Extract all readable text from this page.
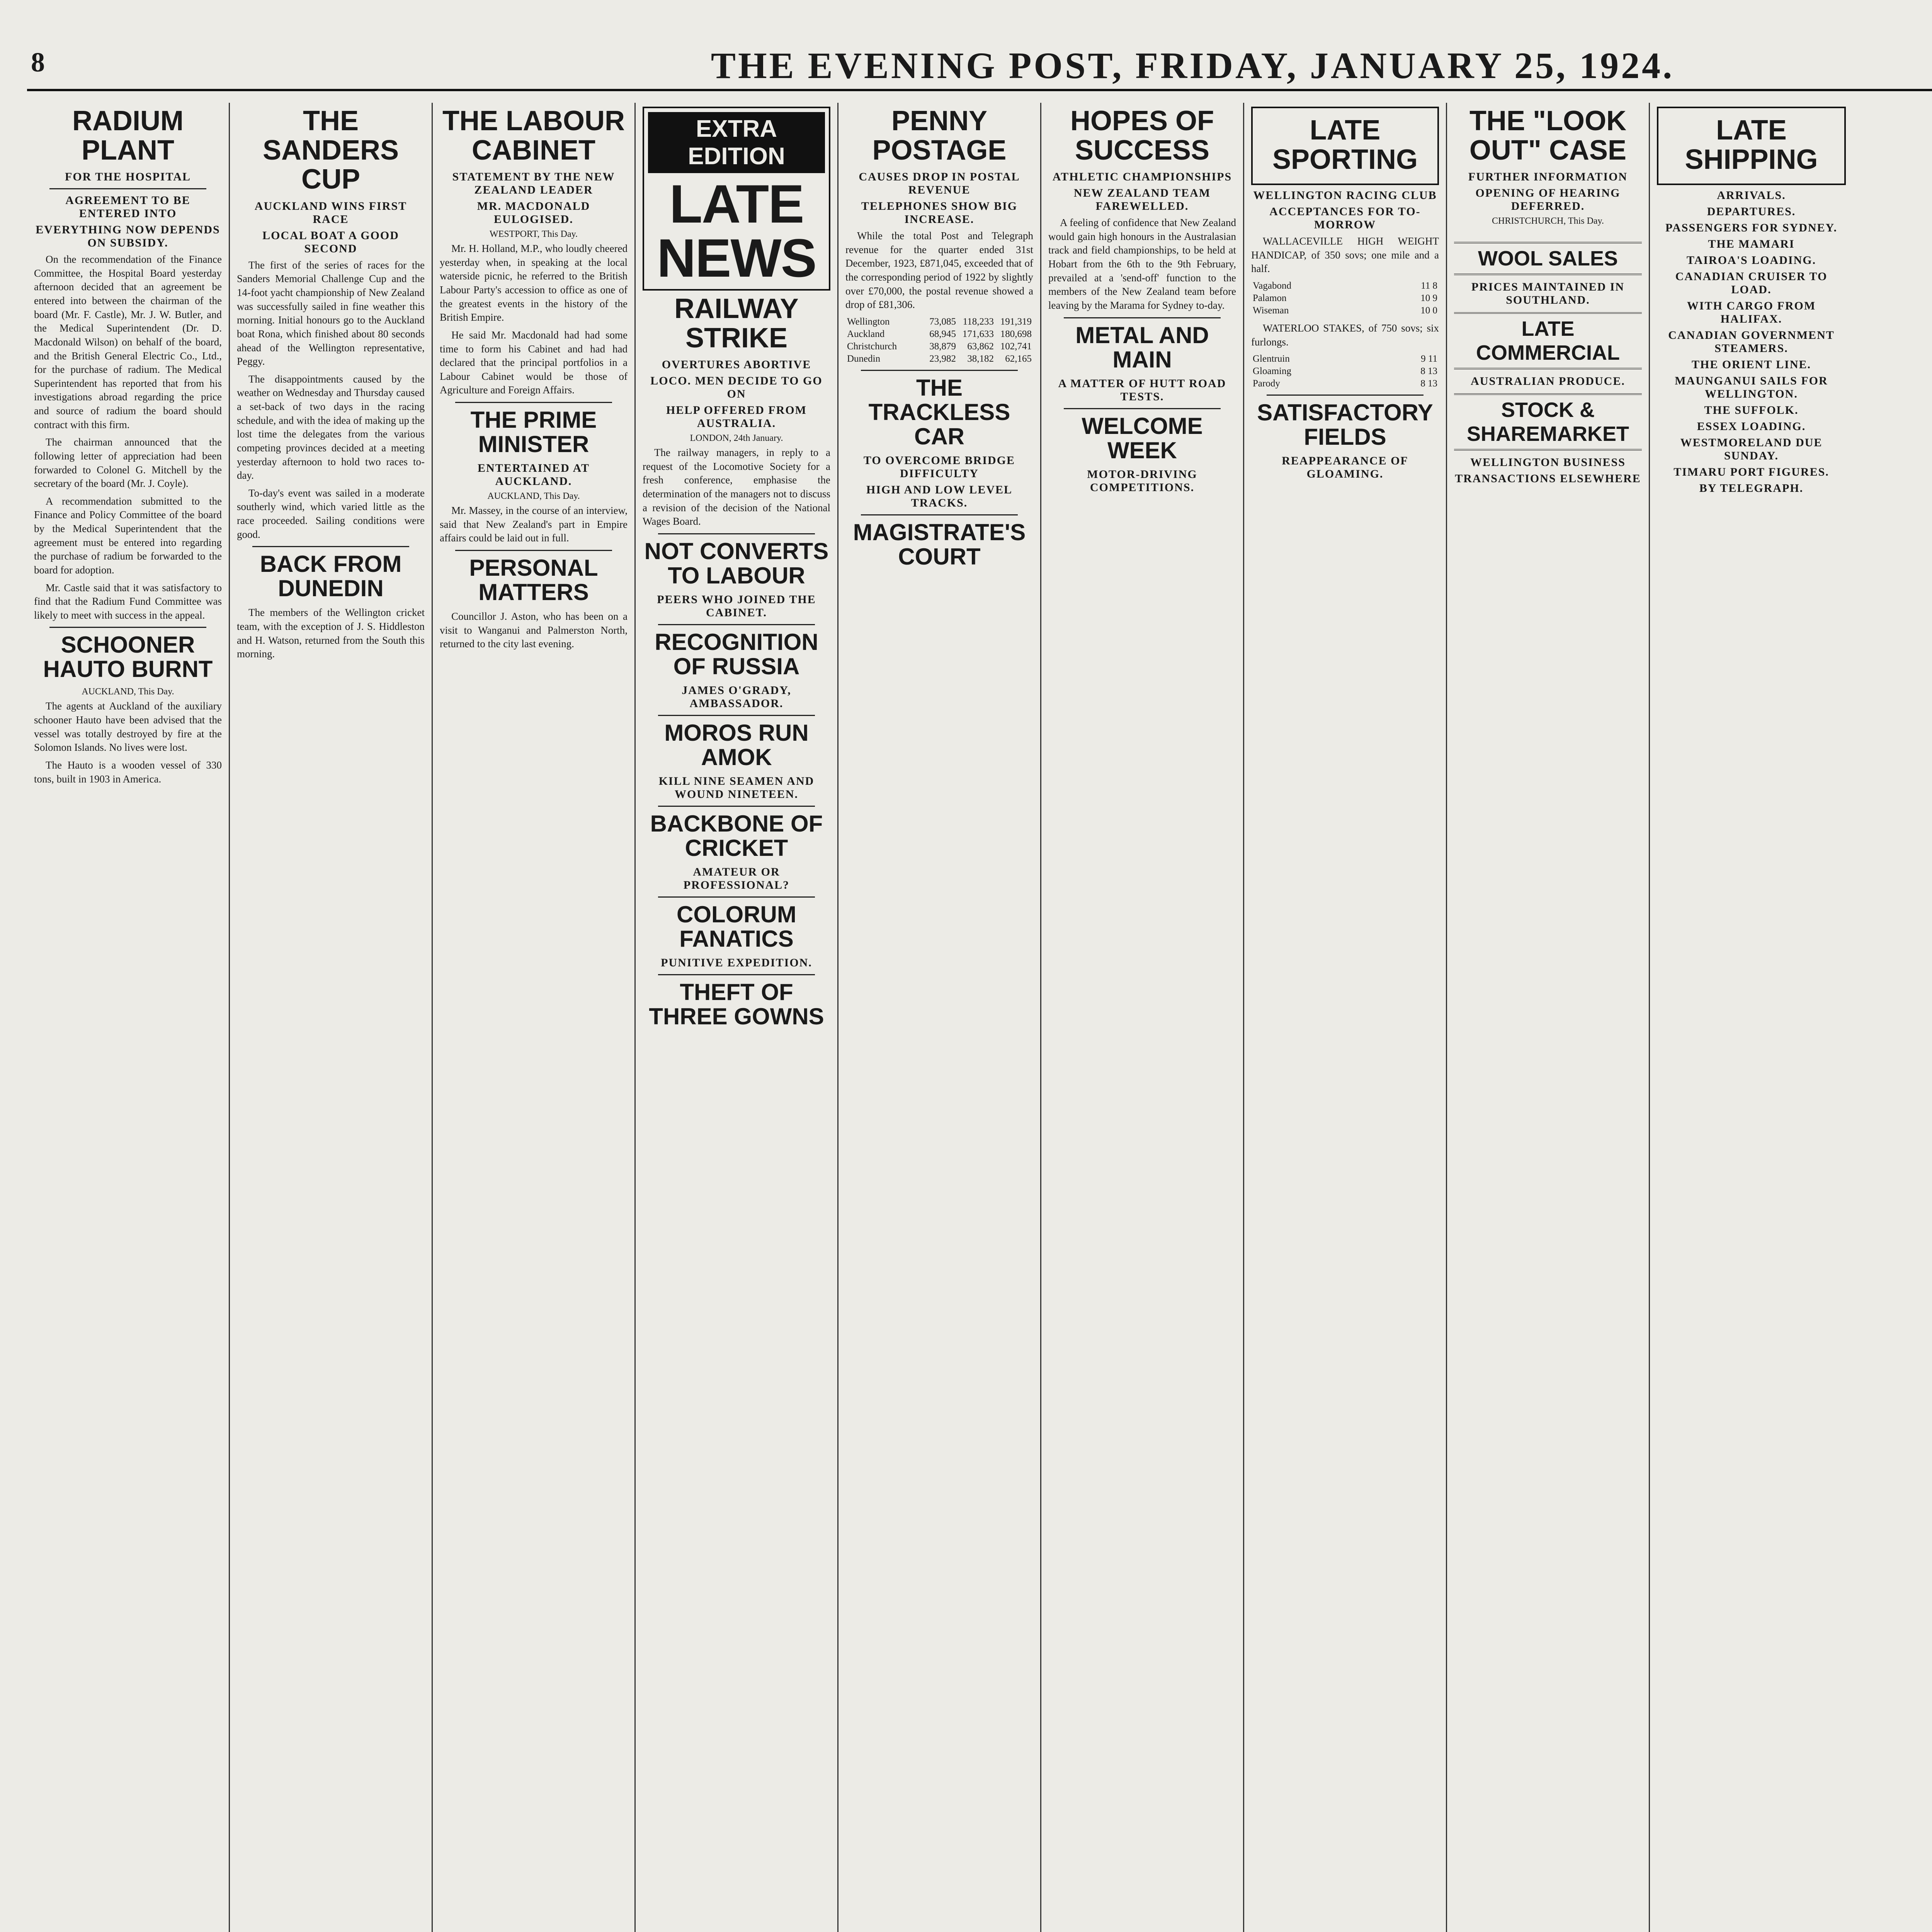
8	THE EVENING POST, FRIDAY, JANUARY 25, 1924.
RADIUM PLANT
FOR THE HOSPITAL
AGREEMENT TO BE ENTERED INTO
EVERYTHING NOW DEPENDS ON SUBSIDY.

On the recommendation of the Finance Committee, the Hospital Board yesterday afternoon decided that an agreement be entered into between the chairman of the board (Mr. F. Castle), Mr. J. W. Butler, and the Medical Superintendent (Dr. D. Macdonald Wilson) on behalf of the board, and the British General Electric Co., Ltd., for the purchase of radium. The Medical Superintendent has reported that from his investigations abroad regarding the price and source of radium the board should contract with this firm.

The chairman announced that the following letter of appreciation had been forwarded to Colonel G. Mitchell by the secretary of the board (Mr. J. Coyle).

A recommendation submitted to the Finance and Policy Committee of the board by the Medical Superintendent that the agreement must be entered into regarding the purchase of radium be forwarded to the board for adoption.

Mr. Castle said that it was satisfactory to find that the Radium Fund Committee was likely to meet with success in the appeal.

SCHOONER HAUTO BURNT
AUCKLAND, This Day.

The agents at Auckland of the auxiliary schooner Hauto have been advised that the vessel was totally destroyed by fire at the Solomon Islands. No lives were lost.

The Hauto is a wooden vessel of 330 tons, built in 1903 in America.

THE SANDERS CUP
AUCKLAND WINS FIRST RACE
LOCAL BOAT A GOOD SECOND

The first of the series of races for the Sanders Memorial Challenge Cup and the 14-foot yacht championship of New Zealand was successfully sailed in fine weather this morning. Initial honours go to the Auckland boat Rona, which finished about 80 seconds ahead of the Wellington representative, Peggy.

The disappointments caused by the weather on Wednesday and Thursday caused a set-back of two days in the racing schedule, and with the idea of making up the lost time the delegates from the various competing provinces decided at a meeting yesterday afternoon to hold two races to-day.

To-day's event was sailed in a moderate southerly wind, which varied little as the race proceeded. Sailing conditions were good.

BACK FROM DUNEDIN

The members of the Wellington cricket team, with the exception of J. S. Hiddleston and H. Watson, returned from the South this morning.

THE LABOUR CABINET
STATEMENT BY THE NEW ZEALAND LEADER
MR. MACDONALD EULOGISED.
WESTPORT, This Day.

Mr. H. Holland, M.P., who loudly cheered yesterday when, in speaking at the local waterside picnic, he referred to the British Labour Party's accession to office as one of the greatest events in the history of the British Empire.

He said Mr. Macdonald had had some time to form his Cabinet and had had declared that the principal portfolios in a Labour Cabinet would be those of Agriculture and Foreign Affairs.

THE PRIME MINISTER
ENTERTAINED AT AUCKLAND.
AUCKLAND, This Day.

Mr. Massey, in the course of an interview, said that New Zealand's part in Empire affairs could be laid out in full.

PERSONAL MATTERS

Councillor J. Aston, who has been on a visit to Wanganui and Palmerston North, returned to the city last evening.

EXTRA EDITION
LATE NEWS
RAILWAY STRIKE
OVERTURES ABORTIVE
LOCO. MEN DECIDE TO GO ON
HELP OFFERED FROM AUSTRALIA.
LONDON, 24th January.

The railway managers, in reply to a request of the Locomotive Society for a fresh conference, emphasise the determination of the managers not to discuss a revision of the decision of the National Wages Board.

NOT CONVERTS TO LABOUR
PEERS WHO JOINED THE CABINET.
RECOGNITION OF RUSSIA
JAMES O'GRADY, AMBASSADOR.
MOROS RUN AMOK
KILL NINE SEAMEN AND WOUND NINETEEN.
BACKBONE OF CRICKET
AMATEUR OR PROFESSIONAL?
COLORUM FANATICS
PUNITIVE EXPEDITION.
THEFT OF THREE GOWNS
PENNY POSTAGE
CAUSES DROP IN POSTAL REVENUE
TELEPHONES SHOW BIG INCREASE.

While the total Post and Telegraph revenue for the quarter ended 31st December, 1923, £871,045, exceeded that of the corresponding period of 1922 by slightly over £70,000, the postal revenue showed a drop of £81,306.

Wellington	73,085	118,233	191,319
Auckland	68,945	171,633	180,698
Christchurch	38,879	63,862	102,741
Dunedin	23,982	38,182	62,165
THE TRACKLESS CAR
TO OVERCOME BRIDGE DIFFICULTY
HIGH AND LOW LEVEL TRACKS.
MAGISTRATE'S COURT
HOPES OF SUCCESS
ATHLETIC CHAMPIONSHIPS
NEW ZEALAND TEAM FAREWELLED.

A feeling of confidence that New Zealand would gain high honours in the Australasian track and field championships, to be held at Hobart from the 6th to the 9th February, prevailed at a 'send-off' function to the members of the New Zealand team before leaving by the Marama for Sydney to-day.

METAL AND MAIN
A MATTER OF HUTT ROAD TESTS.
WELCOME WEEK
MOTOR-DRIVING COMPETITIONS.
LATE SPORTING
WELLINGTON RACING CLUB
ACCEPTANCES FOR TO-MORROW

WALLACEVILLE HIGH WEIGHT HANDICAP, of 350 sovs; one mile and a half.

Vagabond	11 8
Palamon	10 9
Wiseman	10 0

WATERLOO STAKES, of 750 sovs; six furlongs.

Glentruin	9 11
Gloaming	8 13
Parody	8 13
SATISFACTORY FIELDS
REAPPEARANCE OF GLOAMING.
THE "LOOK OUT" CASE
FURTHER INFORMATION
OPENING OF HEARING DEFERRED.
CHRISTCHURCH, This Day.
WOOL SALES
PRICES MAINTAINED IN SOUTHLAND.
LATE COMMERCIAL
AUSTRALIAN PRODUCE.
STOCK & SHAREMARKET
WELLINGTON BUSINESS
TRANSACTIONS ELSEWHERE
LATE SHIPPING
ARRIVALS.
DEPARTURES.
PASSENGERS FOR SYDNEY.
THE MAMARI
TAIROA'S LOADING.
CANADIAN CRUISER TO LOAD.
WITH CARGO FROM HALIFAX.
CANADIAN GOVERNMENT STEAMERS.
THE ORIENT LINE.
MAUNGANUI SAILS FOR WELLINGTON.
THE SUFFOLK.
ESSEX LOADING.
WESTMORELAND DUE SUNDAY.
TIMARU PORT FIGURES.
BY TELEGRAPH.
